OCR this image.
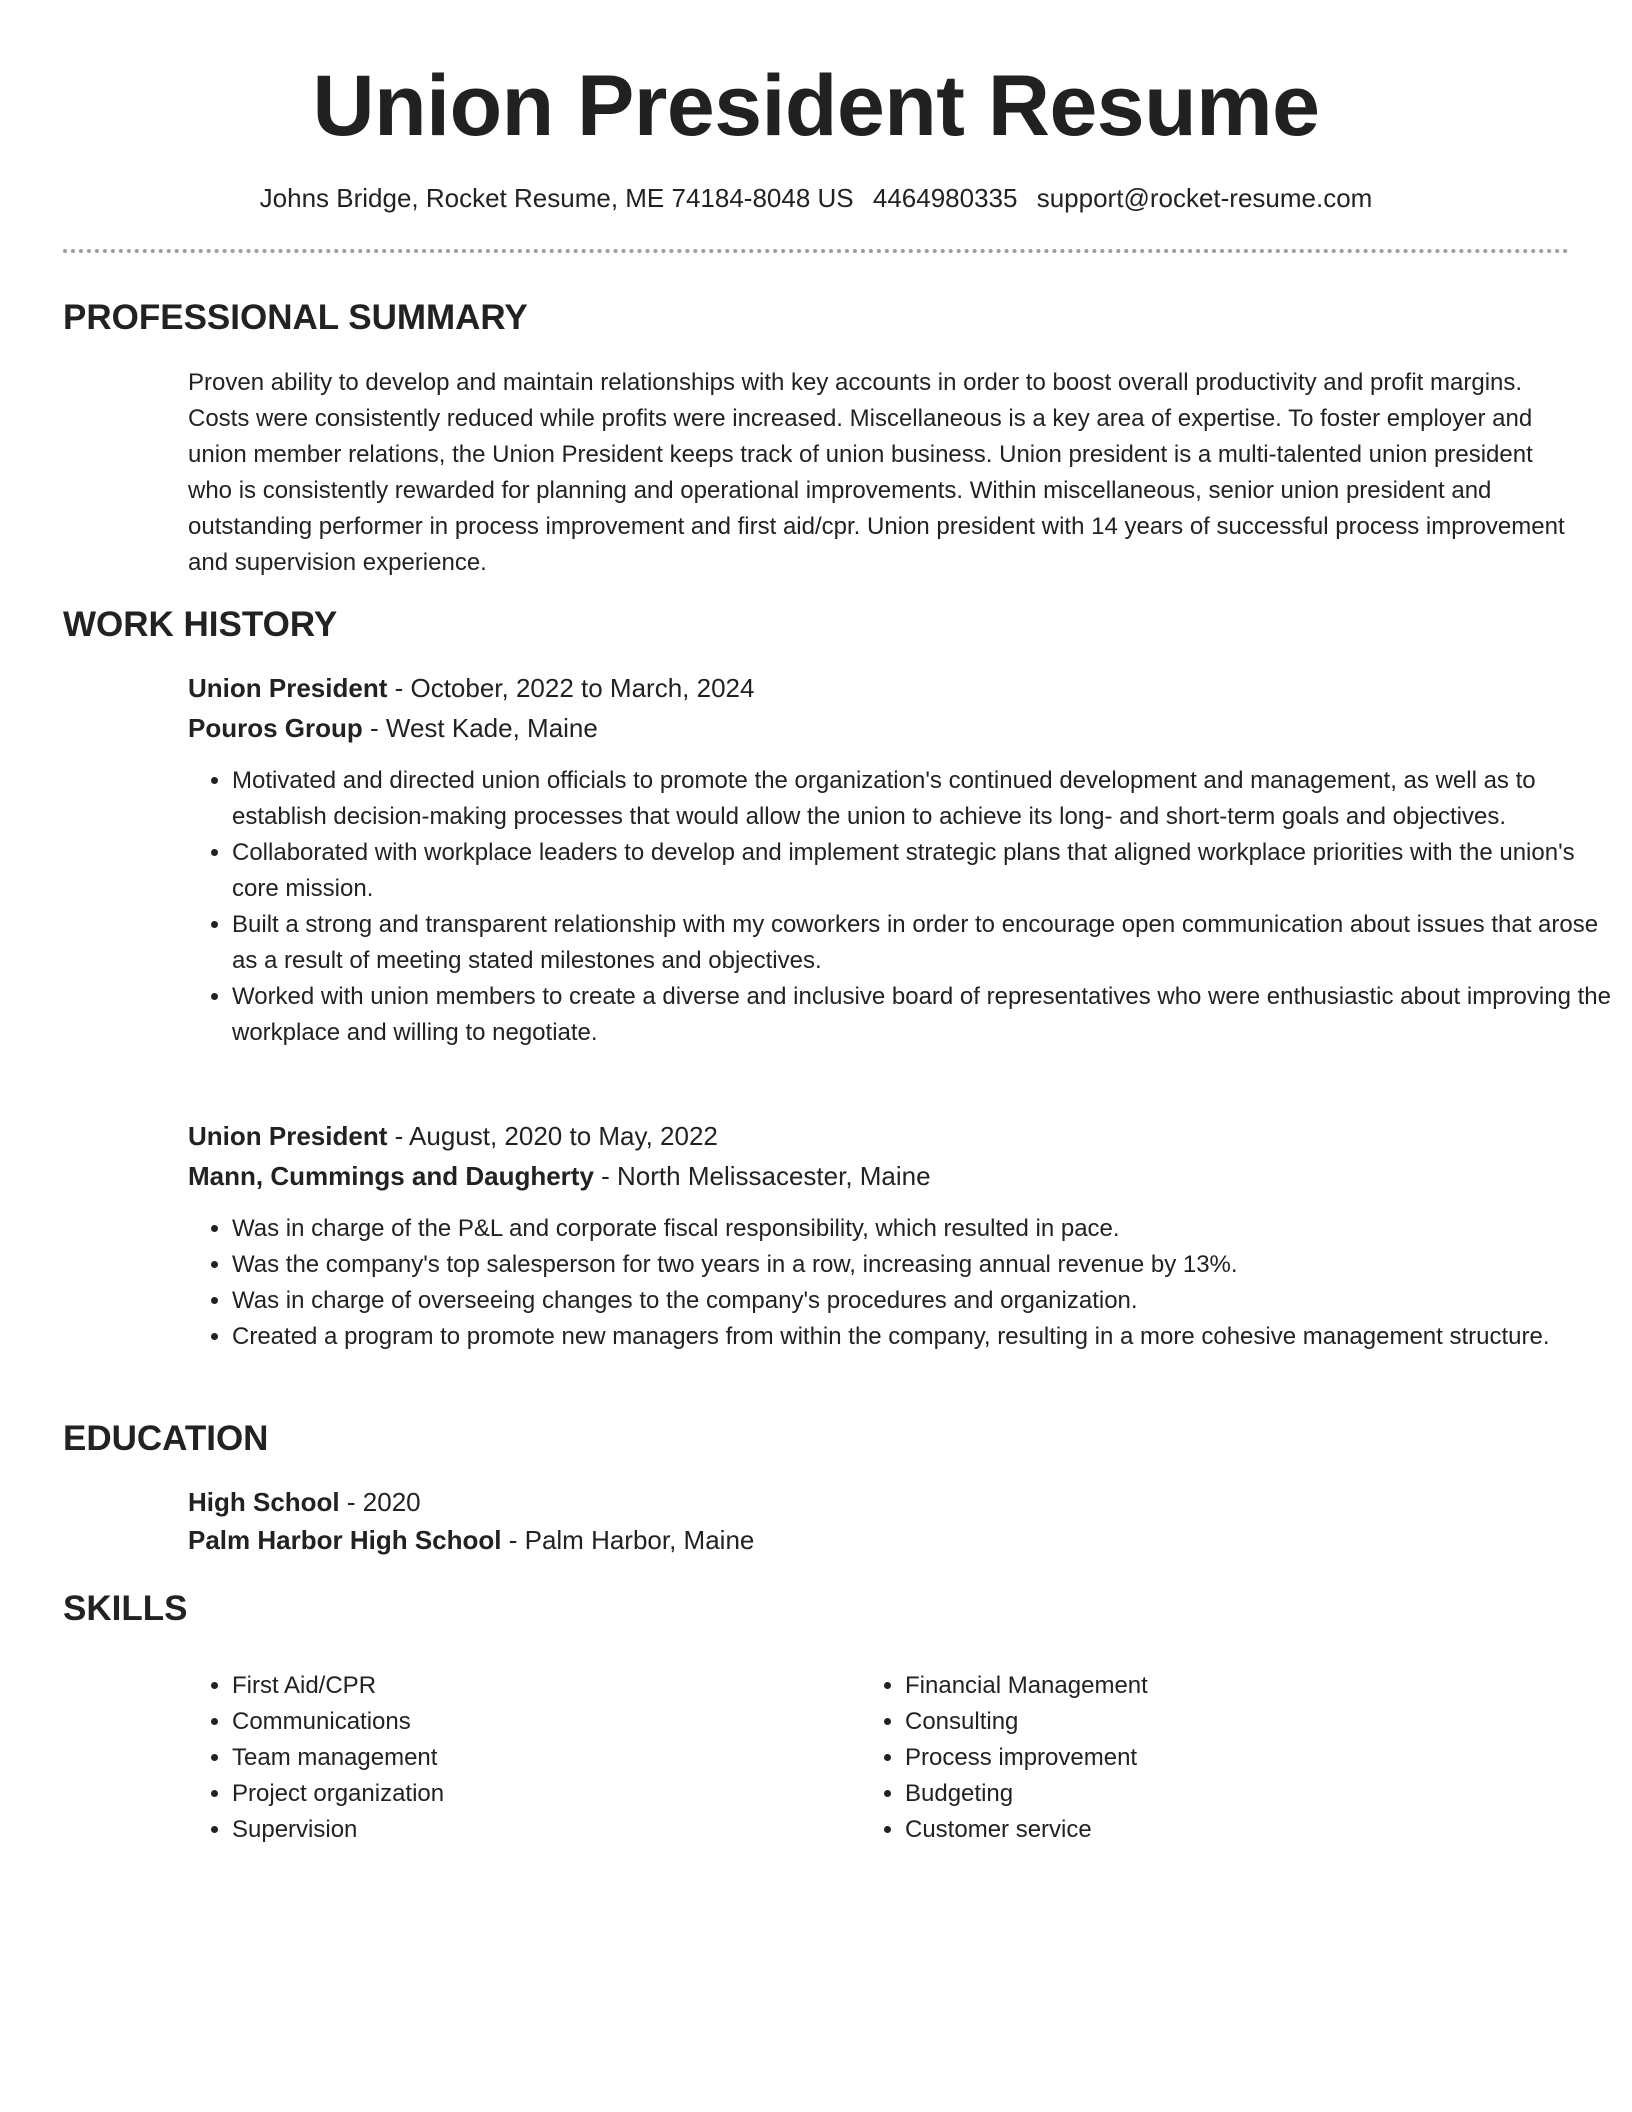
Union President Resume
Johns Bridge, Rocket Resume, ME 74184-8048 US 4464980335 support@rocket-resume.com
PROFESSIONAL SUMMARY

Proven ability to develop and maintain relationships with key accounts in order to boost overall productivity and profit margins. Costs were consistently reduced while profits were increased. Miscellaneous is a key area of expertise. To foster employer and union member relations, the Union President keeps track of union business. Union president is a multi-talented union president who is consistently rewarded for planning and operational improvements. Within miscellaneous, senior union president and outstanding performer in process improvement and first aid/cpr. Union president with 14 years of successful process improvement and supervision experience.

WORK HISTORY
Union President - October, 2022 to March, 2024
Pouros Group - West Kade, Maine
• Motivated and directed union officials to promote the organization's continued development and management, as well as to establish decision-making processes that would allow the union to achieve its long- and short-term goals and objectives.
• Collaborated with workplace leaders to develop and implement strategic plans that aligned workplace priorities with the union's core mission.
• Built a strong and transparent relationship with my coworkers in order to encourage open communication about issues that arose as a result of meeting stated milestones and objectives.
• Worked with union members to create a diverse and inclusive board of representatives who were enthusiastic about improving the workplace and willing to negotiate.
Union President - August, 2020 to May, 2022
Mann, Cummings and Daugherty - North Melissacester, Maine
• Was in charge of the P&L and corporate fiscal responsibility, which resulted in pace.
• Was the company's top salesperson for two years in a row, increasing annual revenue by 13%.
• Was in charge of overseeing changes to the company's procedures and organization.
• Created a program to promote new managers from within the company, resulting in a more cohesive management structure.
EDUCATION
High School - 2020
Palm Harbor High School - Palm Harbor, Maine
SKILLS
• First Aid/CPR
• Communications
• Team management
• Project organization
• Supervision
• Financial Management
• Consulting
• Process improvement
• Budgeting
• Customer service
